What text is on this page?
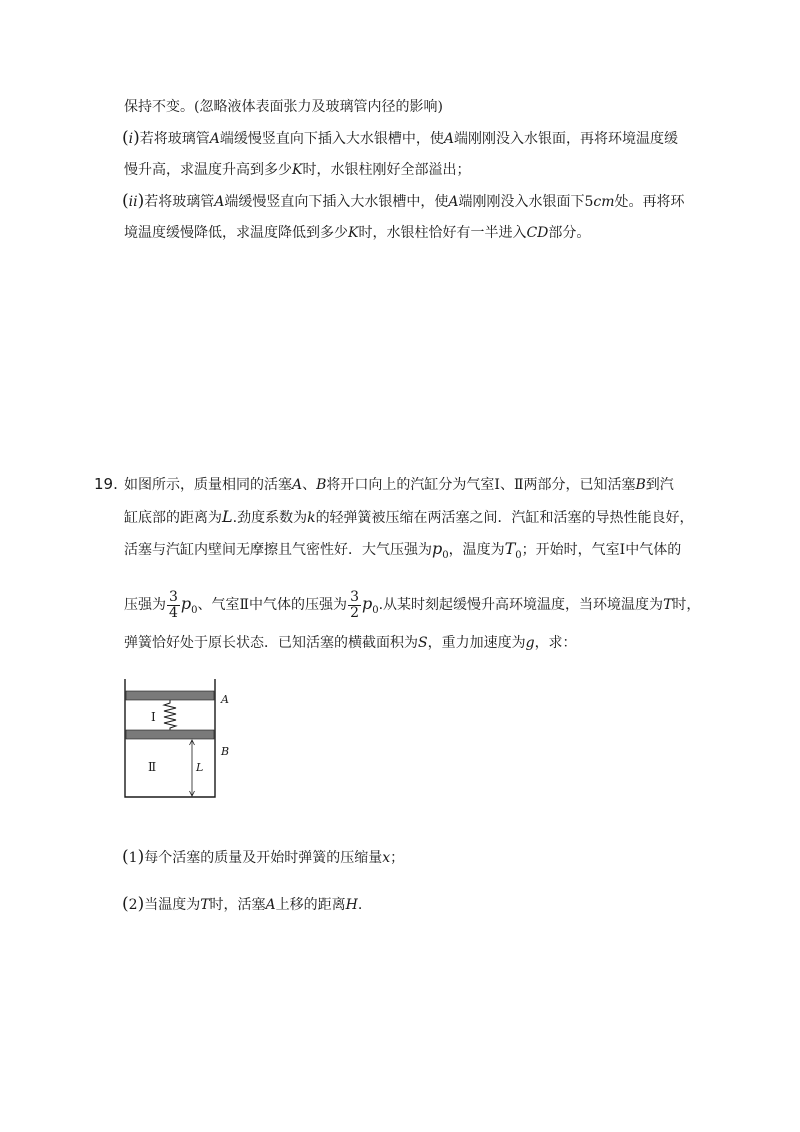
保持不变。(忽略液体表面张力及玻璃管内径的影响)
(i)若将玻璃管A端缓慢竖直向下插入大水银槽中，使A端刚刚没入水银面，再将环境温度缓
慢升高，求温度升高到多少K时，水银柱刚好全部溢出；
(ii)若将玻璃管A端缓慢竖直向下插入大水银槽中，使A端刚刚没入水银面下5cm处。再将环
境温度缓慢降低，求温度降低到多少K时，水银柱恰好有一半进入CD部分。
19. 如图所示，质量相同的活塞A、B将开口向上的汽缸分为气室Ⅰ、Ⅱ两部分，已知活塞B到汽
缸底部的距离为L.劲度系数为k的轻弹簧被压缩在两活塞之间．汽缸和活塞的导热性能良好，
活塞与汽缸内壁间无摩擦且气密性好．大气压强为$p_0$，温度为$T_0$；开始时，气室Ⅰ中气体的
压强为 $\frac{3}{4} p_0$、气室Ⅱ中气体的压强为 $\frac{3}{2} p_0$.从某时刻起缓慢升高环境温度，当环境温度为T时，
弹簧恰好处于原长状态．已知活塞的横截面积为S，重力加速度为g，求：
A
B
Ⅰ
Ⅱ	L
(1)每个活塞的质量及开始时弹簧的压缩量x；
(2)当温度为T时，活塞A上移的距离H.
